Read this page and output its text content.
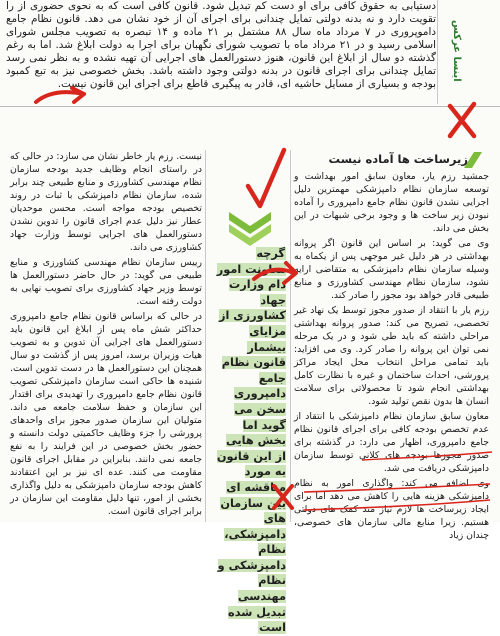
دستیابی به حقوق کافی برای او دست کم تبدیل شود. قانون کافی است که به نحوی حضوری از را تقویت دارد و نه بدنه دولتی تمایل چندانی برای اجرای آن از خود نشان می دهد. قانون نظام جامع داموپروری در ۷ مرداد ماه سال ۸۸ مشتمل بر ۲۱ ماده و ۱۴ تبصره به تصویب مجلس شورای اسلامی رسید و در ۲۱ مرداد ماه با تصویب شورای نگهبان برای اجرا به دولت ابلاغ شد. اما به رغم گذشته دو سال از ابلاغ این قانون، هنوز دستورالعمل های اجرایی آن تهیه نشده و به نظر نمی رسد تمایل چندانی برای اجرای قانون در بدنه دولتی وجود داشته باشد. بخش خصوصی نیز به تبع کمبود بودجه و بسیاری از مسایل حاشیه ای، قادر به پیگیری قاطع برای اجرای این قانون نیست.

اینسا عرکس
زیرساخت ها آماده نیست

جمشید رزم یار، معاون سابق امور بهداشت و توسعه سازمان نظام دامپزشکی مهمترین دلیل اجرایی نشدن قانون نظام جامع دامپروری را آماده نبودن زیر ساخت ها و وجود برخی شبهات در این بخش می داند.

وی می گوید: بر اساس این قانون اگر پروانه بهداشتی در هر دلیل غیر موجهی پس از یکماه به وسیله سازمان نظام دامپزشکی به متقاضی ارایه نشود، سازمان نظام مهندسی کشاورزی و منابع طبیعی قادر خواهد بود مجوز را صادر کند.

رزم یار با انتقاد از صدور مجوز توسط یک نهاد غیر تخصصی، تصریح می کند: صدور پروانه بهداشتی مراحلی داشته که باید طی شود و در یک مرحله نمی توان این پروانه را صادر کرد. وی می افزاید: باید تمامی مراحل انتخاب محل ایجاد مراکز پرورشی، احداث ساختمان و غیره با نظارت کامل بهداشتی انجام شود تا محصولاتی برای سلامت انسان ها بدون نقص تولید شود.

معاون سابق سازمان نظام دامپزشکی با انتقاد از عدم تخصص بودجه کافی برای اجرای قانون نظام جامع دامپروری، اظهار می دارد: در گذشته برای صدور مجوزها بودجه های کلانی توسط سازمان دامپزشکی دریافت می شد.

وی اضافه می کند: واگذاری امور به نظام دامپزشکی هزینه هایی را کاهش می دهد اما برای ایجاد زیرساخت ها لازم نیاز مند کمک های دولتی هستیم. زیرا منابع مالی سازمان های خصوصی، چندان زیاد

گرچه معاونت امور دام وزارت جهاد کشاورزی از مزایای بیشمار قانون نظام جامع دامپروری سخن می گوید اما بخش هایی از این قانون به مورد مناقشه ای بین سازمان های دامپزشکی، نظام دامپزشکی و نظام مهندسی تبدیل شده است

نیست. رزم یار خاطر نشان می سازد: در حالی که در راستای انجام وظایف جدید بودجه سازمان نظام مهندسی کشاورزی و منابع طبیعی چند برابر شده، سازمان نظام دامپزشکی با ثبات در روند تخصیص بودجه مواجه است. محسن موحدیان عطار نیز دلیل عدم اجرای قانون را تدوین نشدن دستورالعمل های اجرایی توسط وزارت جهاد کشاورزی می داند.

رییس سازمان نظام مهندسی کشاورزی و منابع طبیعی می گوید: در حال حاضر دستورالعمل ها توسط وزیر جهاد کشاورزی برای تصویب نهایی به دولت رفته است.

در حالی که براساس قانون نظام جامع دامپروری حداکثر شش ماه پس از ابلاغ این قانون باید دستورالعمل های اجرایی آن تدوین و به تصویب هیات وزیران برسد، امروز پس از گذشت دو سال همچنان این دستورالعمل ها در دست تدوین است. شنیده ها حاکی است سازمان دامپزشکی تصویب قانون نظام جامع دامپروری را تهدیدی برای اقتدار این سازمان و حفظ سلامت جامعه می داند. متولیان این سازمان صدور مجوز برای واحدهای پرورشی را جزء وظایف حاکمیتی دولت دانسته و حضور بخش خصوصی در این فرایند را به نفع جامعه نمی دانند. بنابراین در مقابل اجرای قانون مقاومت می کنند. عده ای نیز بر این اعتقادند کاهش بودجه سازمان دامپزشکی به دلیل واگذاری بخشی از امور، تنها دلیل مقاومت این سازمان در برابر اجرای قانون است.
